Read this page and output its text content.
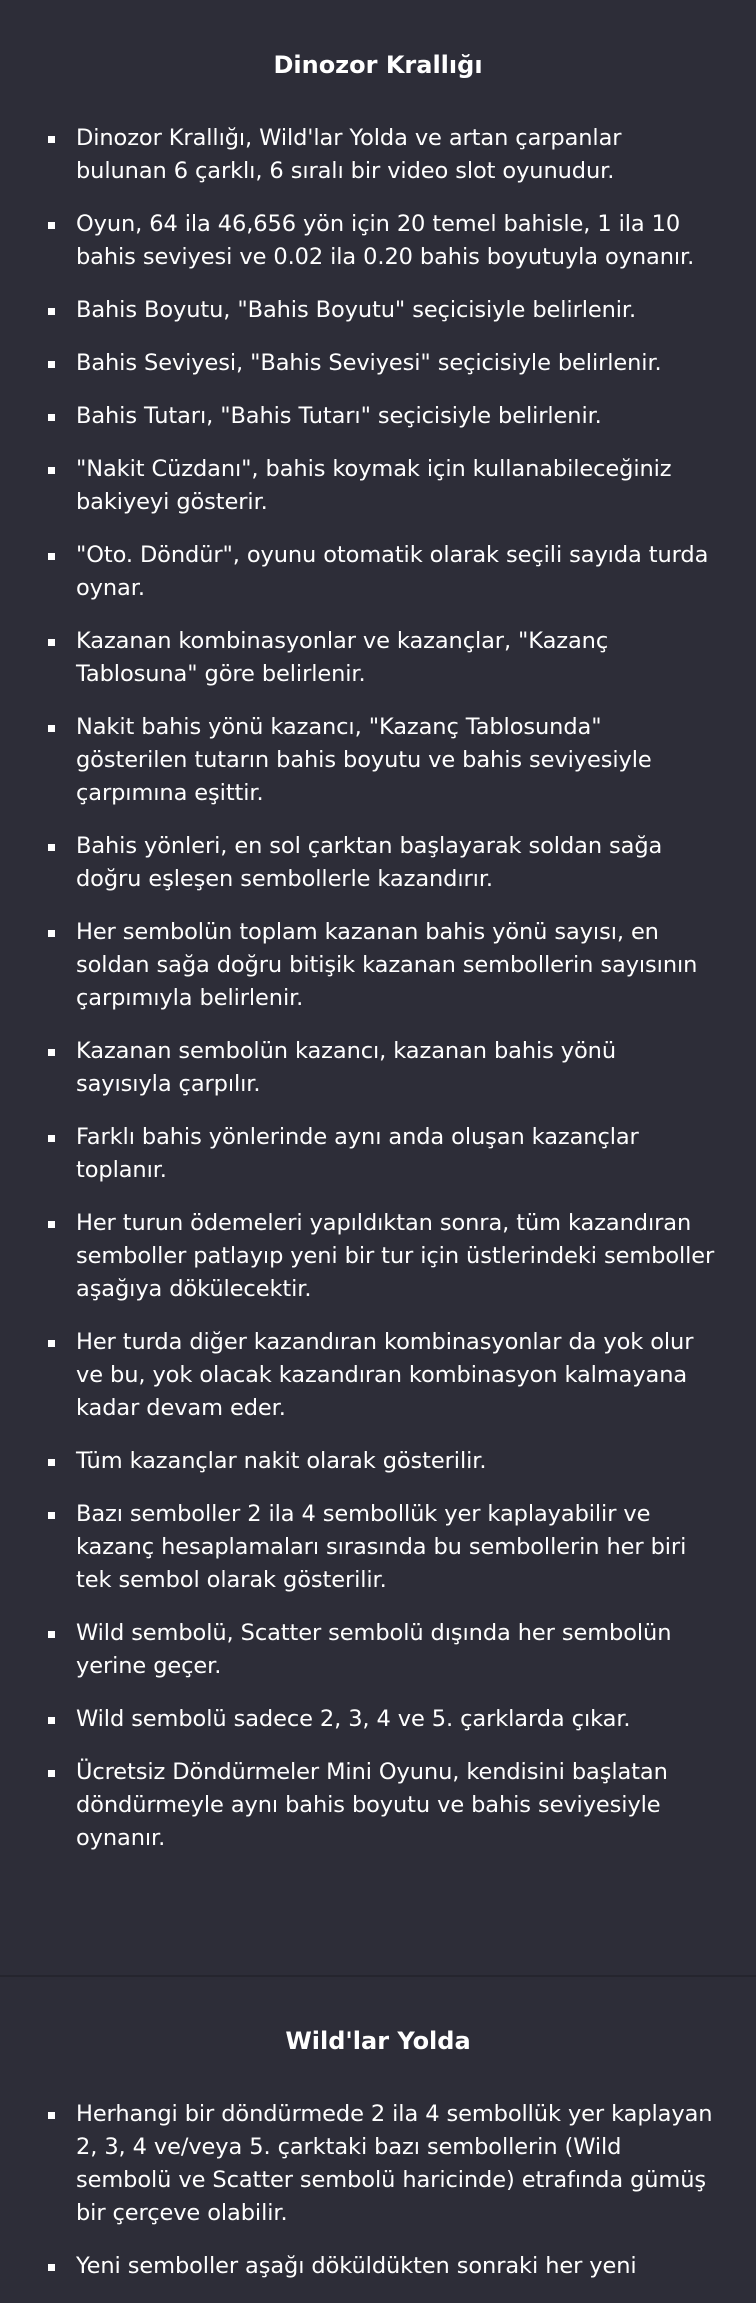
Dinozor Krallığı
Dinozor Krallığı, Wild'lar Yolda ve artan çarpanlar bulunan 6 çarklı, 6 sıralı bir video slot oyunudur.
Oyun, 64 ila 46,656 yön için 20 temel bahisle, 1 ila 10 bahis seviyesi ve 0.02 ila 0.20 bahis boyutuyla oynanır.
Bahis Boyutu, "Bahis Boyutu" seçicisiyle belirlenir.
Bahis Seviyesi, "Bahis Seviyesi" seçicisiyle belirlenir.
Bahis Tutarı, "Bahis Tutarı" seçicisiyle belirlenir.
"Nakit Cüzdanı", bahis koymak için kullanabileceğiniz bakiyeyi gösterir.
"Oto. Döndür", oyunu otomatik olarak seçili sayıda turda oynar.
Kazanan kombinasyonlar ve kazançlar, "Kazanç Tablosuna" göre belirlenir.
Nakit bahis yönü kazancı, "Kazanç Tablosunda" gösterilen tutarın bahis boyutu ve bahis seviyesiyle çarpımına eşittir.
Bahis yönleri, en sol çarktan başlayarak soldan sağa doğru eşleşen sembollerle kazandırır.
Her sembolün toplam kazanan bahis yönü sayısı, en soldan sağa doğru bitişik kazanan sembollerin sayısının çarpımıyla belirlenir.
Kazanan sembolün kazancı, kazanan bahis yönü sayısıyla çarpılır.
Farklı bahis yönlerinde aynı anda oluşan kazançlar toplanır.
Her turun ödemeleri yapıldıktan sonra, tüm kazandıran semboller patlayıp yeni bir tur için üstlerindeki semboller aşağıya dökülecektir.
Her turda diğer kazandıran kombinasyonlar da yok olur ve bu, yok olacak kazandıran kombinasyon kalmayana kadar devam eder.
Tüm kazançlar nakit olarak gösterilir.
Bazı semboller 2 ila 4 sembollük yer kaplayabilir ve kazanç hesaplamaları sırasında bu sembollerin her biri tek sembol olarak gösterilir.
Wild sembolü, Scatter sembolü dışında her sembolün yerine geçer.
Wild sembolü sadece 2, 3, 4 ve 5. çarklarda çıkar.
Ücretsiz Döndürmeler Mini Oyunu, kendisini başlatan döndürmeyle aynı bahis boyutu ve bahis seviyesiyle oynanır.
Wild'lar Yolda
Herhangi bir döndürmede 2 ila 4 sembollük yer kaplayan 2, 3, 4 ve/veya 5. çarktaki bazı sembollerin (Wild sembolü ve Scatter sembolü haricinde) etrafında gümüş bir çerçeve olabilir.
Yeni semboller aşağı döküldükten sonraki her yeni
